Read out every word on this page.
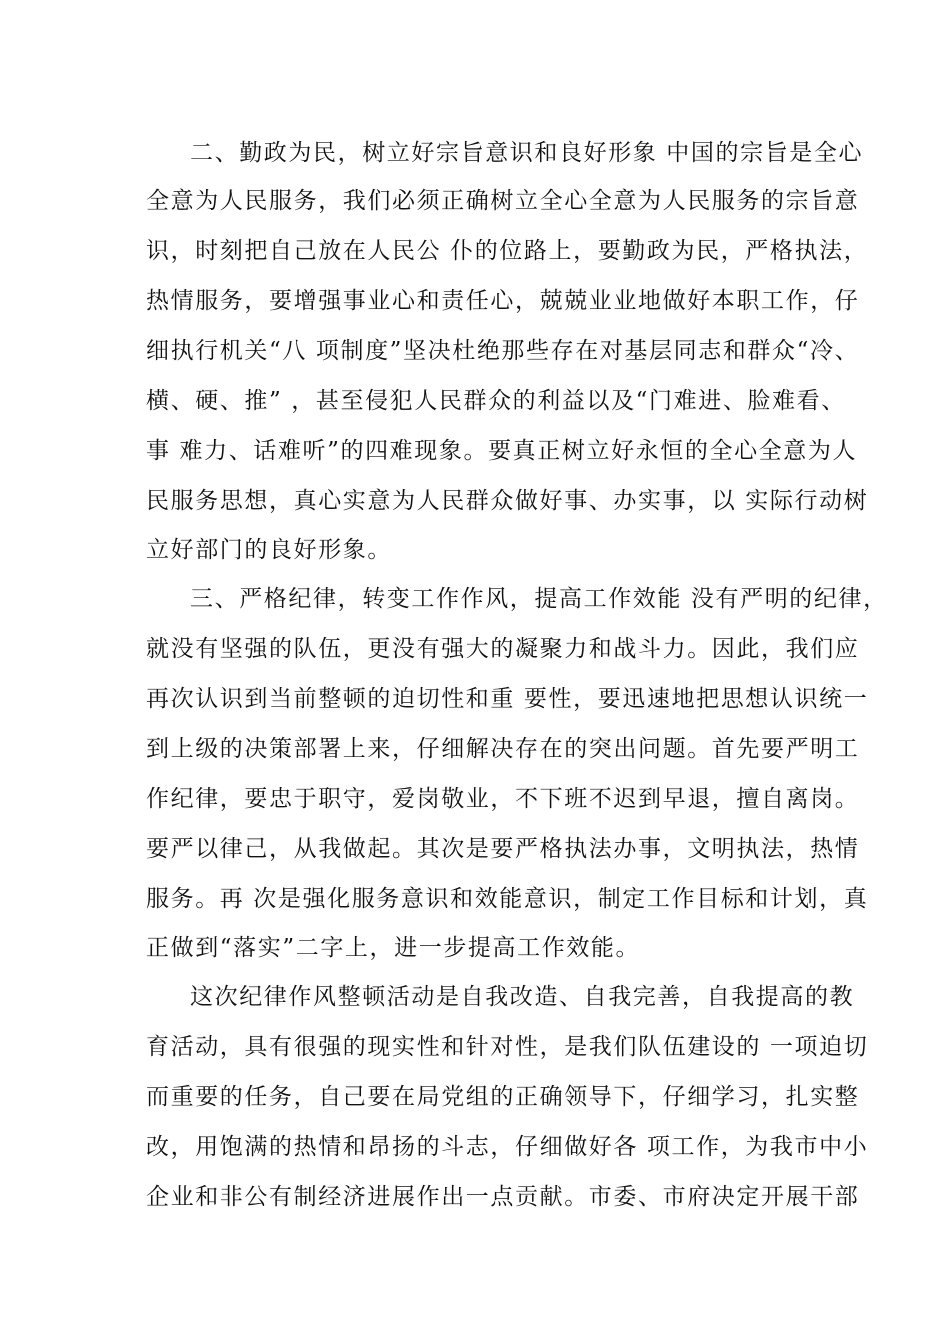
二、勤政为民，树立好宗旨意识和良好形象 中国的宗旨是全心
全意为人民服务，我们必须正确树立全心全意为人民服务的宗旨意
识，时刻把自己放在人民公 仆的位路上，要勤政为民，严格执法，
热情服务，要增强事业心和责任心，兢兢业业地做好本职工作，仔
细执行机关“八 项制度”坚决杜绝那些存在对基层同志和群众“冷、
横、硬、推” ，甚至侵犯人民群众的利益以及“门难进、脸难看、
事 难力、话难听”的四难现象。要真正树立好永恒的全心全意为人
民服务思想，真心实意为人民群众做好事、办实事，以 实际行动树
立好部门的良好形象。
三、严格纪律，转变工作作风，提高工作效能 没有严明的纪律，
就没有坚强的队伍，更没有强大的凝聚力和战斗力。因此，我们应
再次认识到当前整顿的迫切性和重 要性，要迅速地把思想认识统一
到上级的决策部署上来，仔细解决存在的突出问题。首先要严明工
作纪律，要忠于职守，爱岗敬业，不下班不迟到早退，擅自离岗。
要严以律己，从我做起。其次是要严格执法办事，文明执法，热情
服务。再 次是强化服务意识和效能意识，制定工作目标和计划，真
正做到“落实”二字上，进一步提高工作效能。
这次纪律作风整顿活动是自我改造、自我完善，自我提高的教
育活动，具有很强的现实性和针对性，是我们队伍建设的 一项迫切
而重要的任务，自己要在局党组的正确领导下，仔细学习，扎实整
改，用饱满的热情和昂扬的斗志，仔细做好各 项工作，为我市中小
企业和非公有制经济进展作出一点贡献。市委、市府决定开展干部
